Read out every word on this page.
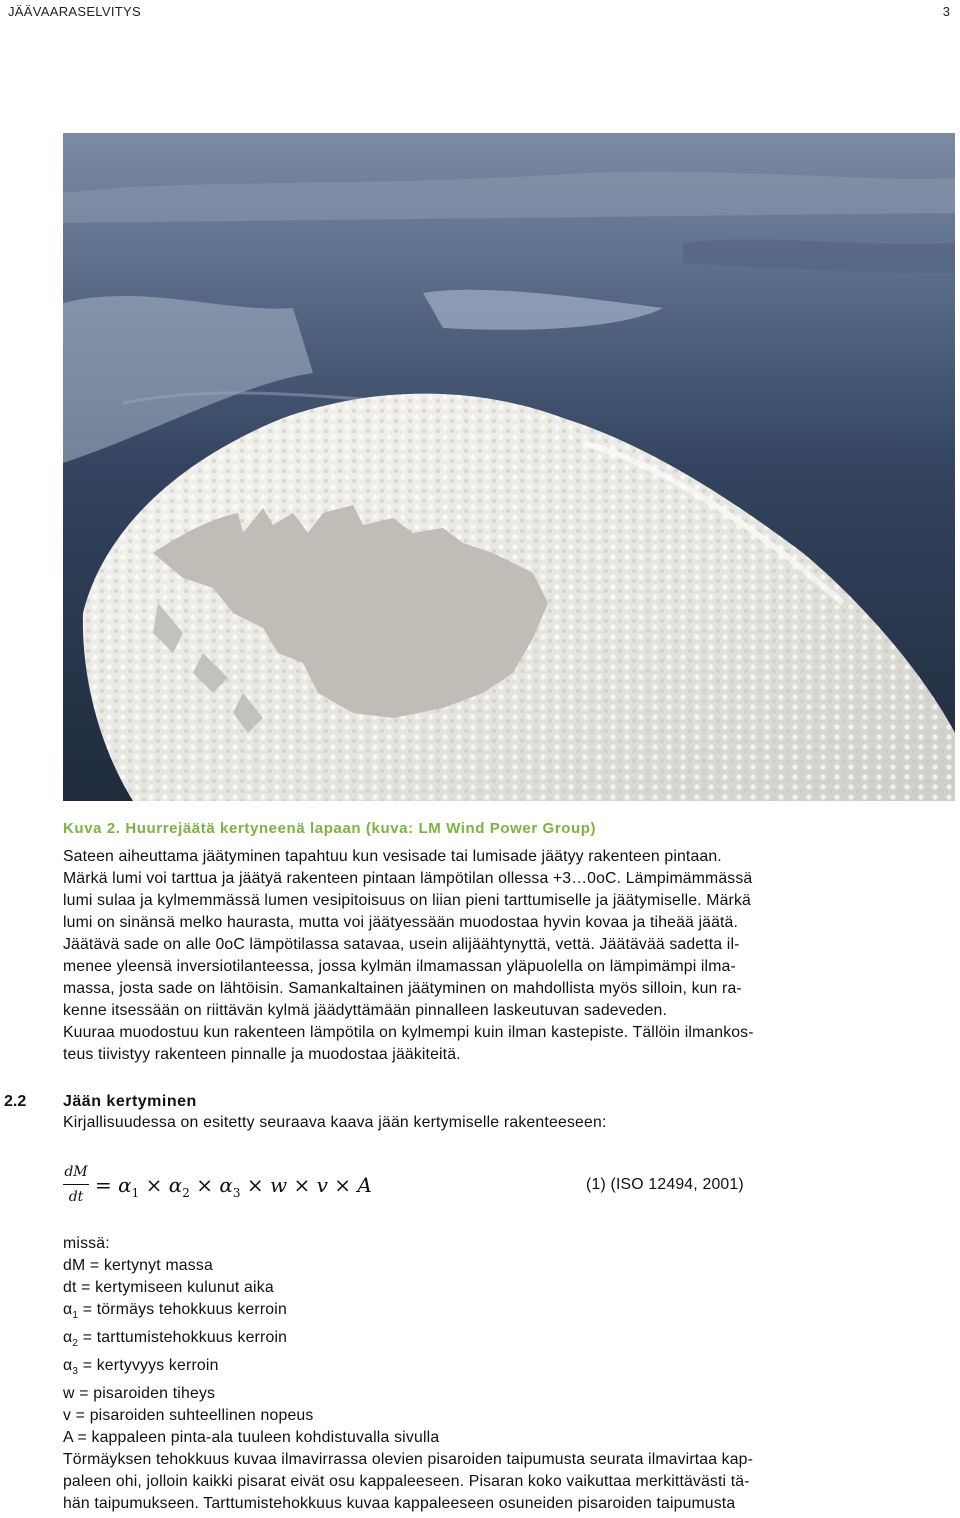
JÄÄVAARASELVITYS	3
Kuva 2. Huurrejäätä kertyneenä lapaan (kuva: LM Wind Power Group)

Sateen aiheuttama jäätyminen tapahtuu kun vesisade tai lumisade jäätyy rakenteen pintaan.

Märkä lumi voi tarttua ja jäätyä rakenteen pintaan lämpötilan ollessa +3…0oC. Lämpimämmässä

lumi sulaa ja kylmemmässä lumen vesipitoisuus on liian pieni tarttumiselle ja jäätymiselle. Märkä

lumi on sinänsä melko haurasta, mutta voi jäätyessään muodostaa hyvin kovaa ja tiheää jäätä.

Jäätävä sade on alle 0oC lämpötilassa satavaa, usein alijäähtynyttä, vettä. Jäätävää sadetta il-

menee yleensä inversiotilanteessa, jossa kylmän ilmamassan yläpuolella on lämpimämpi ilma-

massa, josta sade on lähtöisin. Samankaltainen jäätyminen on mahdollista myös silloin, kun ra-

kenne itsessään on riittävän kylmä jäädyttämään pinnalleen laskeutuvan sadeveden.

Kuuraa muodostuu kun rakenteen lämpötila on kylmempi kuin ilman kastepiste. Tällöin ilmankos-

teus tiivistyy rakenteen pinnalle ja muodostaa jääkiteitä.

2.2 Jään kertyminen
Kirjallisuudessa on esitetty seuraava kaava jään kertymiselle rakenteeseen:
dM
dt = $\alpha_1 \times \alpha_2 \times \alpha_3 \times w \times v \times A$	(1) (ISO 12494, 2001)
missä:
dM = kertynyt massa
dt = kertymiseen kulunut aika
$\alpha_1$ = törmäys tehokkuus kerroin
$\alpha_2$ = tarttumistehokkuus kerroin
$\alpha_3$ = kertyvyys kerroin
w = pisaroiden tiheys
v = pisaroiden suhteellinen nopeus
A = kappaleen pinta-ala tuuleen kohdistuvalla sivulla

Törmäyksen tehokkuus kuvaa ilmavirrassa olevien pisaroiden taipumusta seurata ilmavirtaa kap-

paleen ohi, jolloin kaikki pisarat eivät osu kappaleeseen. Pisaran koko vaikuttaa merkittävästi tä-

hän taipumukseen. Tarttumistehokkuus kuvaa kappaleeseen osuneiden pisaroiden taipumusta
